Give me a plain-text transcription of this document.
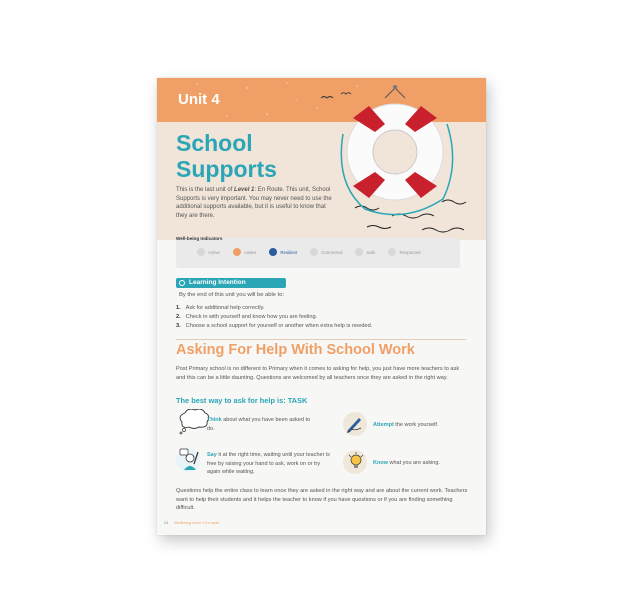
Unit 4
School
Supports
This is the last unit of Level 1: En Route. This unit, School Supports is very important. You may never need to use the additional supports available, but it is useful to know that they are there.
Well-being Indicators
Active	Aware	Resilient	Connected	Safe	Respected
Learning Intention
By the end of this unit you will be able to:
1. Ask for additional help correctly.
2. Check in with yourself and know how you are feeling.
3. Choose a school support for yourself or another when extra help is needed.
Asking For Help With School Work
Post Primary school is no different to Primary when it comes to asking for help, you just have more teachers to ask and this can be a little daunting. Questions are welcomed by all teachers once they are asked in the right way.
The best way to ask for help is: TASK
Think about what you have been asked to do.
Attempt the work yourself.
Say it at the right time, waiting until your teacher is free by raising your hand to ask, work on or try again while waiting.
Know what you are asking.
Questions help the entire class to learn once they are asked in the right way and are about the current work. Teachers want to help their students and it helps the teacher to know if you have questions or if you are finding something difficult.
24 Wellbeing Level 1 En route
